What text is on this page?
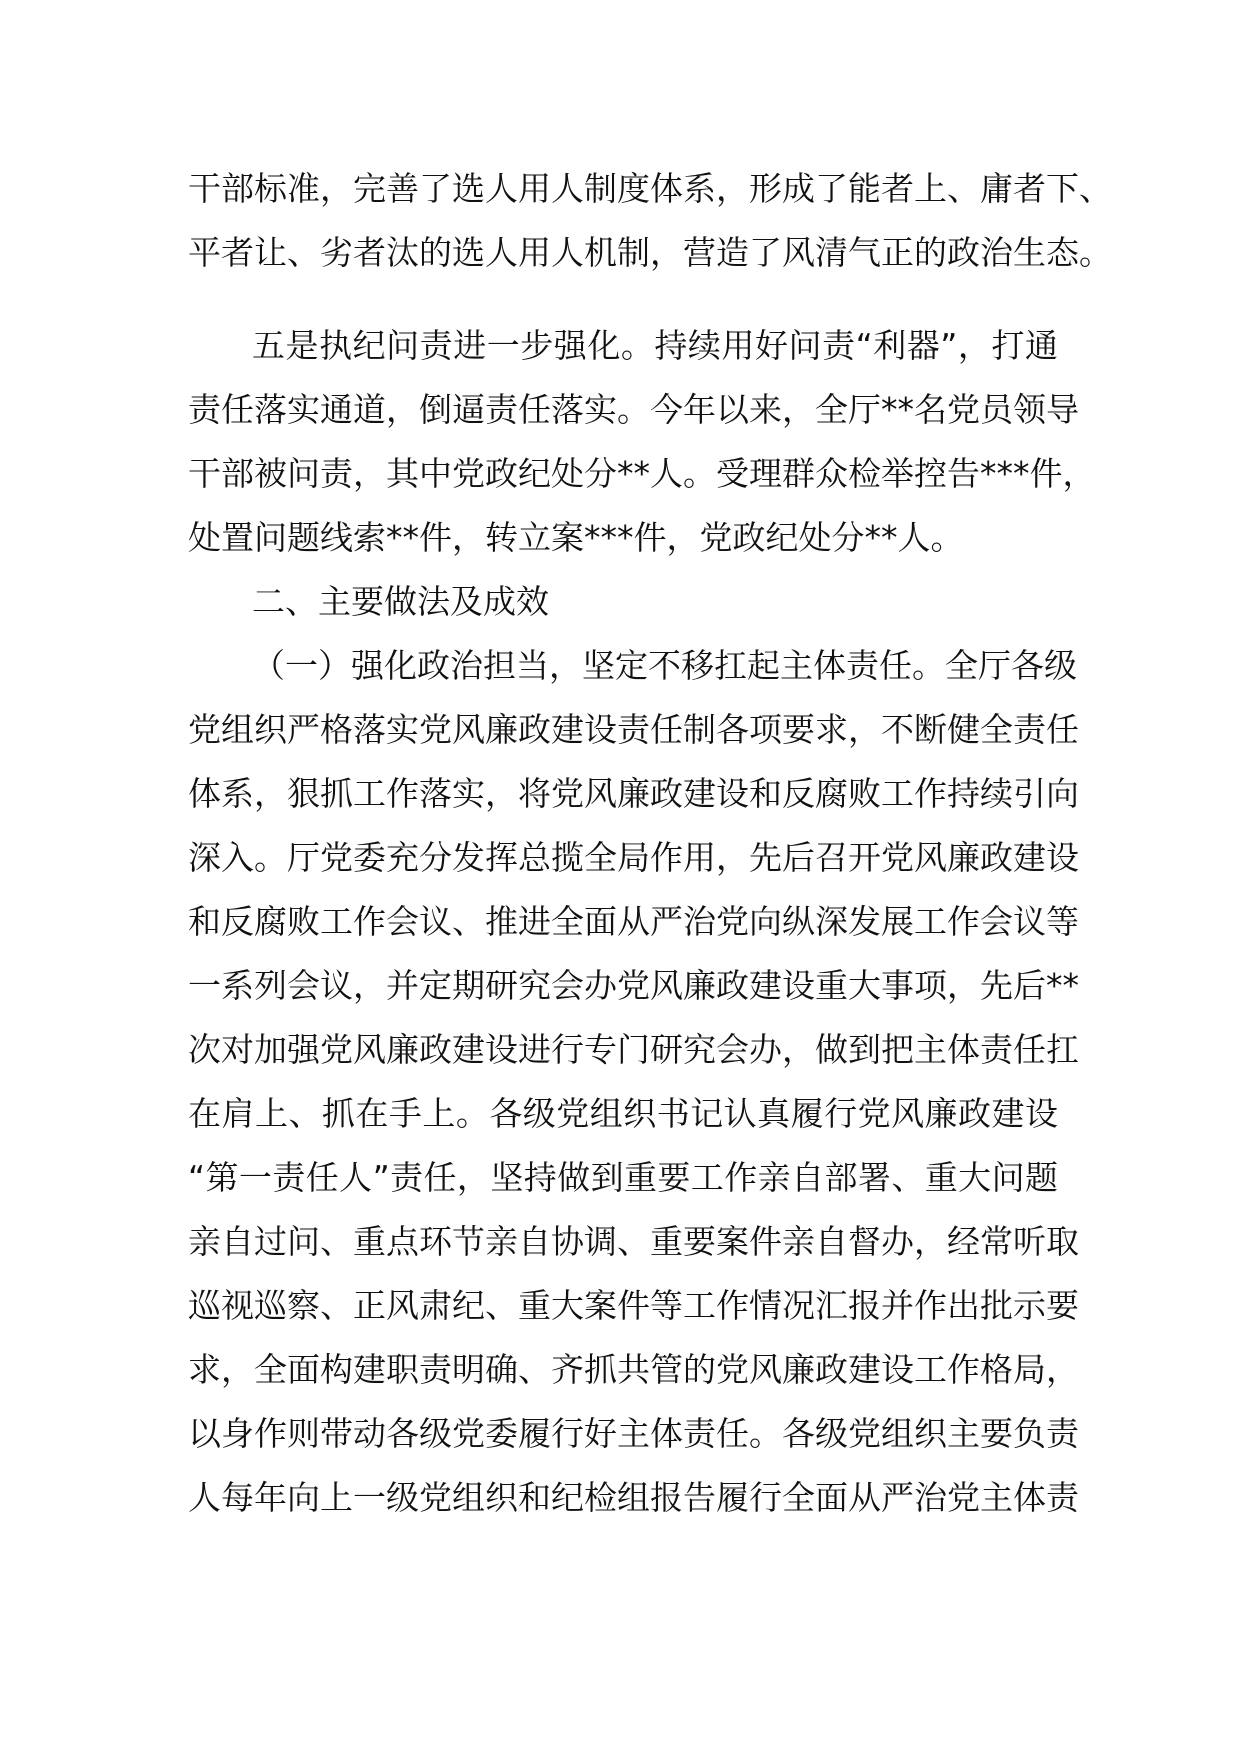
干部标准，完善了选人用人制度体系，形成了能者上、庸者下、
平者让、劣者汰的选人用人机制，营造了风清气正的政治生态。
五是执纪问责进一步强化。持续用好问责“利器”，打通
责任落实通道，倒逼责任落实。今年以来，全厅**名党员领导
干部被问责，其中党政纪处分**人。受理群众检举控告***件，
处置问题线索**件，转立案***件，党政纪处分**人。
二、主要做法及成效
（一）强化政治担当，坚定不移扛起主体责任。全厅各级
党组织严格落实党风廉政建设责任制各项要求，不断健全责任
体系，狠抓工作落实，将党风廉政建设和反腐败工作持续引向
深入。厅党委充分发挥总揽全局作用，先后召开党风廉政建设
和反腐败工作会议、推进全面从严治党向纵深发展工作会议等
一系列会议，并定期研究会办党风廉政建设重大事项，先后**
次对加强党风廉政建设进行专门研究会办，做到把主体责任扛
在肩上、抓在手上。各级党组织书记认真履行党风廉政建设
“第一责任人”责任，坚持做到重要工作亲自部署、重大问题
亲自过问、重点环节亲自协调、重要案件亲自督办，经常听取
巡视巡察、正风肃纪、重大案件等工作情况汇报并作出批示要
求，全面构建职责明确、齐抓共管的党风廉政建设工作格局，
以身作则带动各级党委履行好主体责任。各级党组织主要负责
人每年向上一级党组织和纪检组报告履行全面从严治党主体责
